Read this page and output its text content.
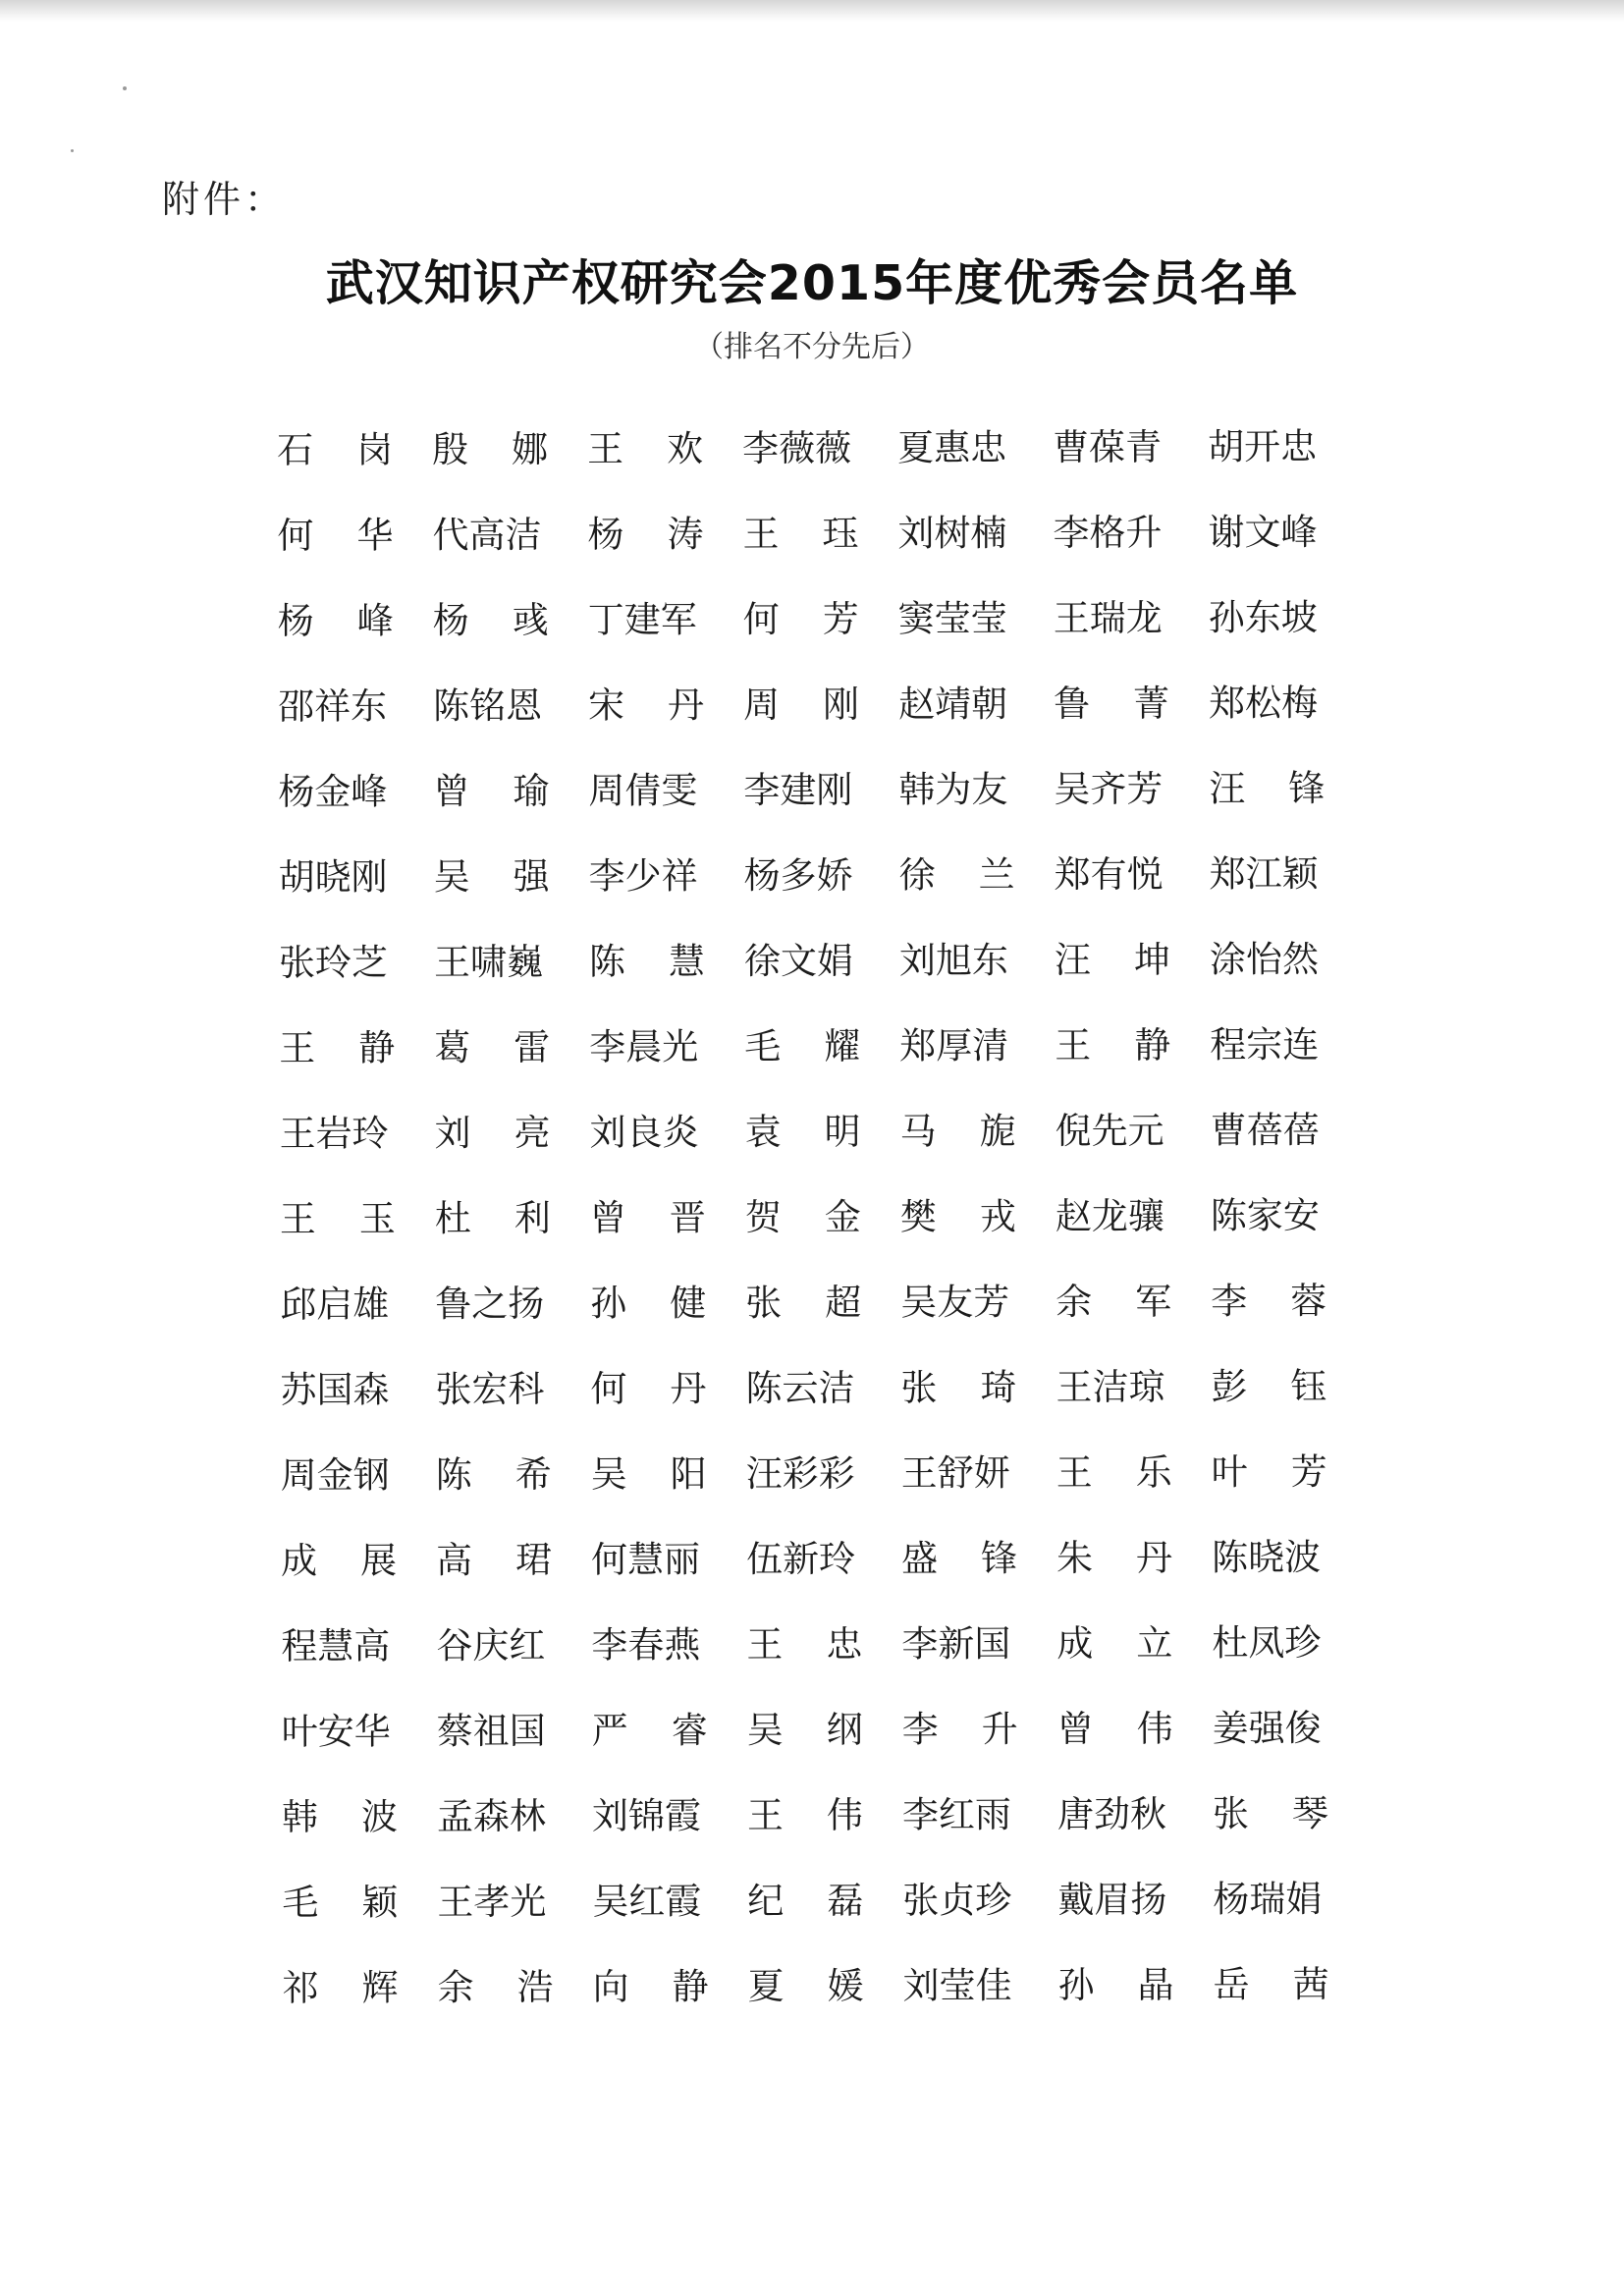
附件：
武汉知识产权研究会2015年度优秀会员名单
（排名不分先后）
石 岗 殷 娜 王 欢 李 薇 薇 夏 惠 忠 曹 葆 青 胡 开 忠
何 华 代 高 洁 杨 涛 王 珏 刘 树 楠 李 格 升 谢 文 峰
杨 峰 杨 彧 丁 建 军 何 芳 窦 莹 莹 王 瑞 龙 孙 东 坡
邵 祥 东 陈 铭 恩 宋 丹 周 刚 赵 靖 朝 鲁 菁 郑 松 梅
杨 金 峰 曾 瑜 周 倩 雯 李 建 刚 韩 为 友 吴 齐 芳 汪 锋
胡 晓 刚 吴 强 李 少 祥 杨 多 娇 徐 兰 郑 有 悦 郑 江 颖
张 玲 芝 王 啸 巍 陈 慧 徐 文 娟 刘 旭 东 汪 坤 涂 怡 然
王 静 葛 雷 李 晨 光 毛 耀 郑 厚 清 王 静 程 宗 连
王 岩 玲 刘 亮 刘 良 炎 袁 明 马 旎 倪 先 元 曹 蓓 蓓
王 玉 杜 利 曾 晋 贺 金 樊 戎 赵 龙 骧 陈 家 安
邱 启 雄 鲁 之 扬 孙 健 张 超 吴 友 芳 余 军 李 蓉
苏 国 森 张 宏 科 何 丹 陈 云 洁 张 琦 王 洁 琼 彭 钰
周 金 钢 陈 希 吴 阳 汪 彩 彩 王 舒 妍 王 乐 叶 芳
成 展 高 珺 何 慧 丽 伍 新 玲 盛 锋 朱 丹 陈 晓 波
程 慧 高 谷 庆 红 李 春 燕 王 忠 李 新 国 成 立 杜 凤 珍
叶 安 华 蔡 祖 国 严 睿 吴 纲 李 升 曾 伟 姜 强 俊
韩 波 孟 森 林 刘 锦 霞 王 伟 李 红 雨 唐 劲 秋 张 琴
毛 颖 王 孝 光 吴 红 霞 纪 磊 张 贞 珍 戴 眉 扬 杨 瑞 娟
祁 辉 余 浩 向 静 夏 媛 刘 莹 佳 孙 晶 岳 茜
